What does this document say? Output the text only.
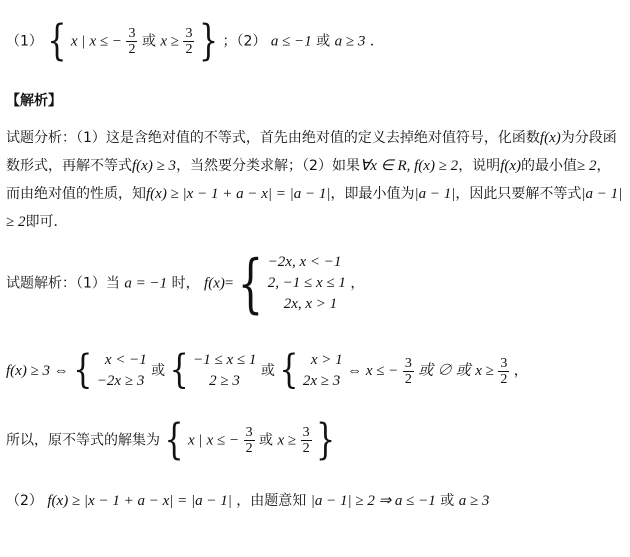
（1） { x | x ≤ − $\frac{3}{2}$ 或 $x \ge \frac{3}{2}$ } ；（2） a ≤ −1 或 a ≥ 3 ．
【解析】
试题分析：（1）这是含绝对值的不等式，首先由绝对值的定义去掉绝对值符号，化函数f(x)为分段函数形式，再解不等式f(x) ≥ 3，当然要分类求解；（2）如果∀x ∈ R, f(x) ≥ 2，说明f(x)的最小值≥ 2，而由绝对值的性质，知f(x) ≥ |x − 1 + a − x| = |a − 1|，即最小值为|a − 1|，因此只要解不等式|a − 1| ≥ 2即可．
试题解析：（1）当 a = −1 时， f(x)= { −2x, x < −1
2, −1 ≤ x ≤ 1
2x, x > 1
，
f(x) ≥ 3 ⇔ { x < −1
−2x ≥ 3
或 { −1 ≤ x ≤ 1
2 ≥ 3
或 { x > 1
2x ≥ 3
⇔ x ≤ − $\frac{3}{2}$ 或 ∅ 或 $x \ge \frac{3}{2}$ ，
所以，原不等式的解集为 { x | x ≤ − $\frac{3}{2}$ 或 $x \ge \frac{3}{2}$ }
（2） f(x) ≥ |x − 1 + a − x| = |a − 1| ，由题意知 |a − 1| ≥ 2 ⇒ a ≤ −1 或 a ≥ 3
